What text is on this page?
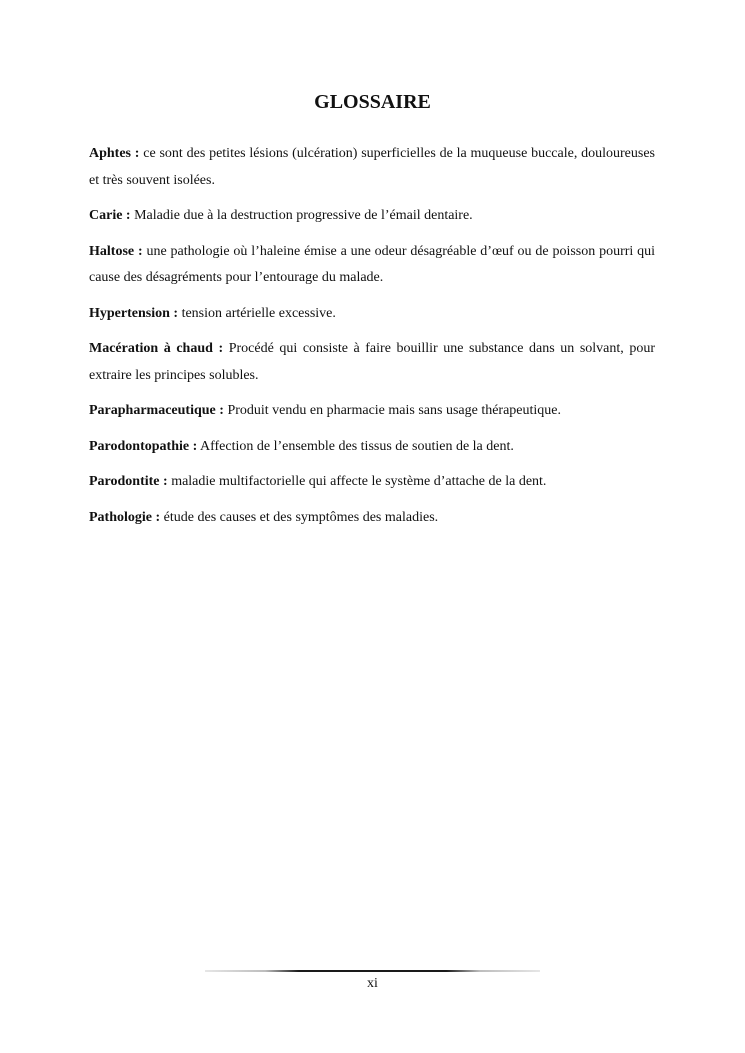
GLOSSAIRE

Aphtes : ce sont des petites lésions (ulcération) superficielles de la muqueuse buccale, douloureuses et très souvent isolées.

Carie : Maladie due à la destruction progressive de l’émail dentaire.

Haltose : une pathologie où l’haleine émise a une odeur désagréable d’œuf ou de poisson pourri qui cause des désagréments pour l’entourage du malade.

Hypertension : tension artérielle excessive.

Macération à chaud : Procédé qui consiste à faire bouillir une substance dans un solvant, pour extraire les principes solubles.

Parapharmaceutique : Produit vendu en pharmacie mais sans usage thérapeutique.

Parodontopathie : Affection de l’ensemble des tissus de soutien de la dent.

Parodontite : maladie multifactorielle qui affecte le système d’attache de la dent.

Pathologie : étude des causes et des symptômes des maladies.

xi
